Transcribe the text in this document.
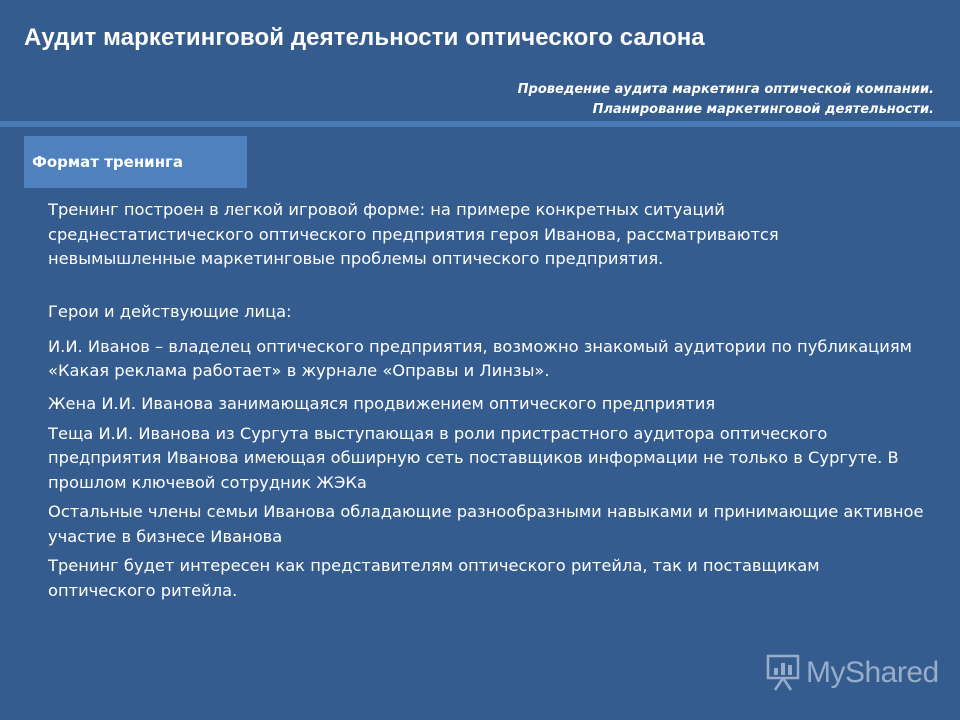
Аудит маркетинговой деятельности оптического салона
Проведение аудита маркетинга оптической компании.
Планирование маркетинговой деятельности.
Формат тренинга

Тренинг построен в легкой игровой форме: на примере конкретных ситуаций среднестатистического оптического предприятия героя Иванова, рассматриваются невымышленные маркетинговые проблемы оптического предприятия.

Герои и действующие лица:

И.И. Иванов – владелец оптического предприятия, возможно знакомый аудитории по публикациям «Какая реклама работает» в журнале «Оправы и Линзы».

Жена И.И. Иванова занимающаяся продвижением оптического предприятия

Теща И.И. Иванова из Сургута выступающая в роли пристрастного аудитора оптического предприятия Иванова имеющая обширную сеть поставщиков информации не только в Сургуте. В прошлом ключевой сотрудник ЖЭКа

Остальные члены семьи Иванова обладающие разнообразными навыками и принимающие активное участие в бизнесе Иванова

Тренинг будет интересен как представителям оптического ритейла, так и поставщикам оптического ритейла.

MyShared
